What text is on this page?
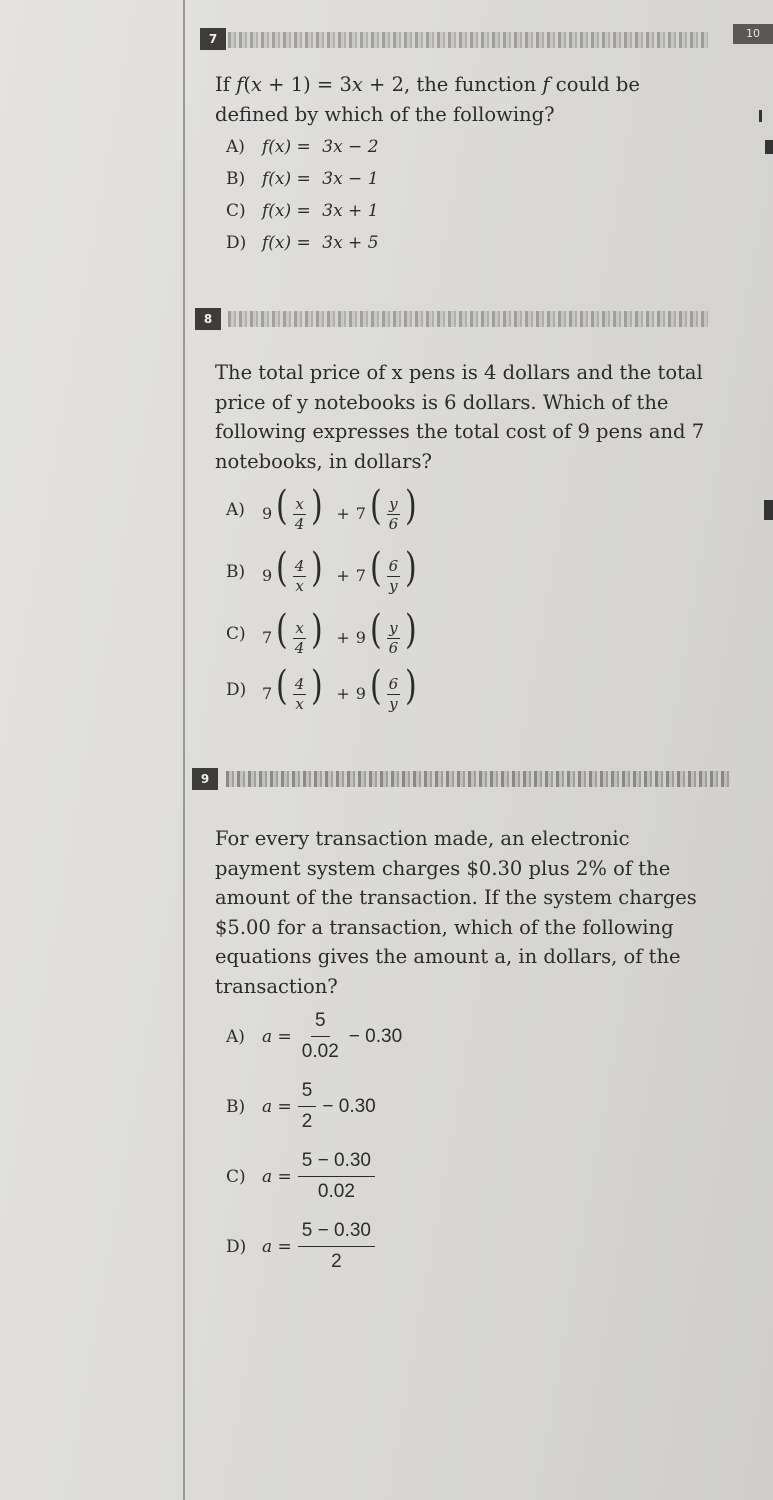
10
7
If f(x + 1) = 3x + 2, the function f could be defined by which of the following?
A)	f(x) =
3x − 2
B) f(x) =
3x − 1
C) f(x) =
3x + 1
D) f(x) =
3x + 5
8
The total price of x pens is 4 dollars and the total price of y notebooks is 6 dollars. Which of the following expresses the total cost of 9 pens and 7 notebooks, in dollars?
A)	$9( \frac{x}{4}$ ) + $7( \frac{y}{6}$ )
B)	$9( \frac{4}{x}$ ) + $7( \frac{6}{y}$ )
C)	$7( \frac{x}{4}$ ) + $9( \frac{y}{6}$ )
D) $7( \frac{4}{x}$ ) + $9( \frac{6}{y}$ )
9
For every transaction made, an electronic payment system charges $0.30 plus 2% of the amount of the transaction. If the system charges $5.00 for a transaction, which of the following equations gives the amount a, in dollars, of the transaction?
A)	$a = \frac{5}{0.02} - 0.30$
B) $a = \frac{5}{2} - 0.30$
C) $a = \frac{5 - 0.30}{0.02}$
D) $a = \frac{5 - 0.30}{2}$
